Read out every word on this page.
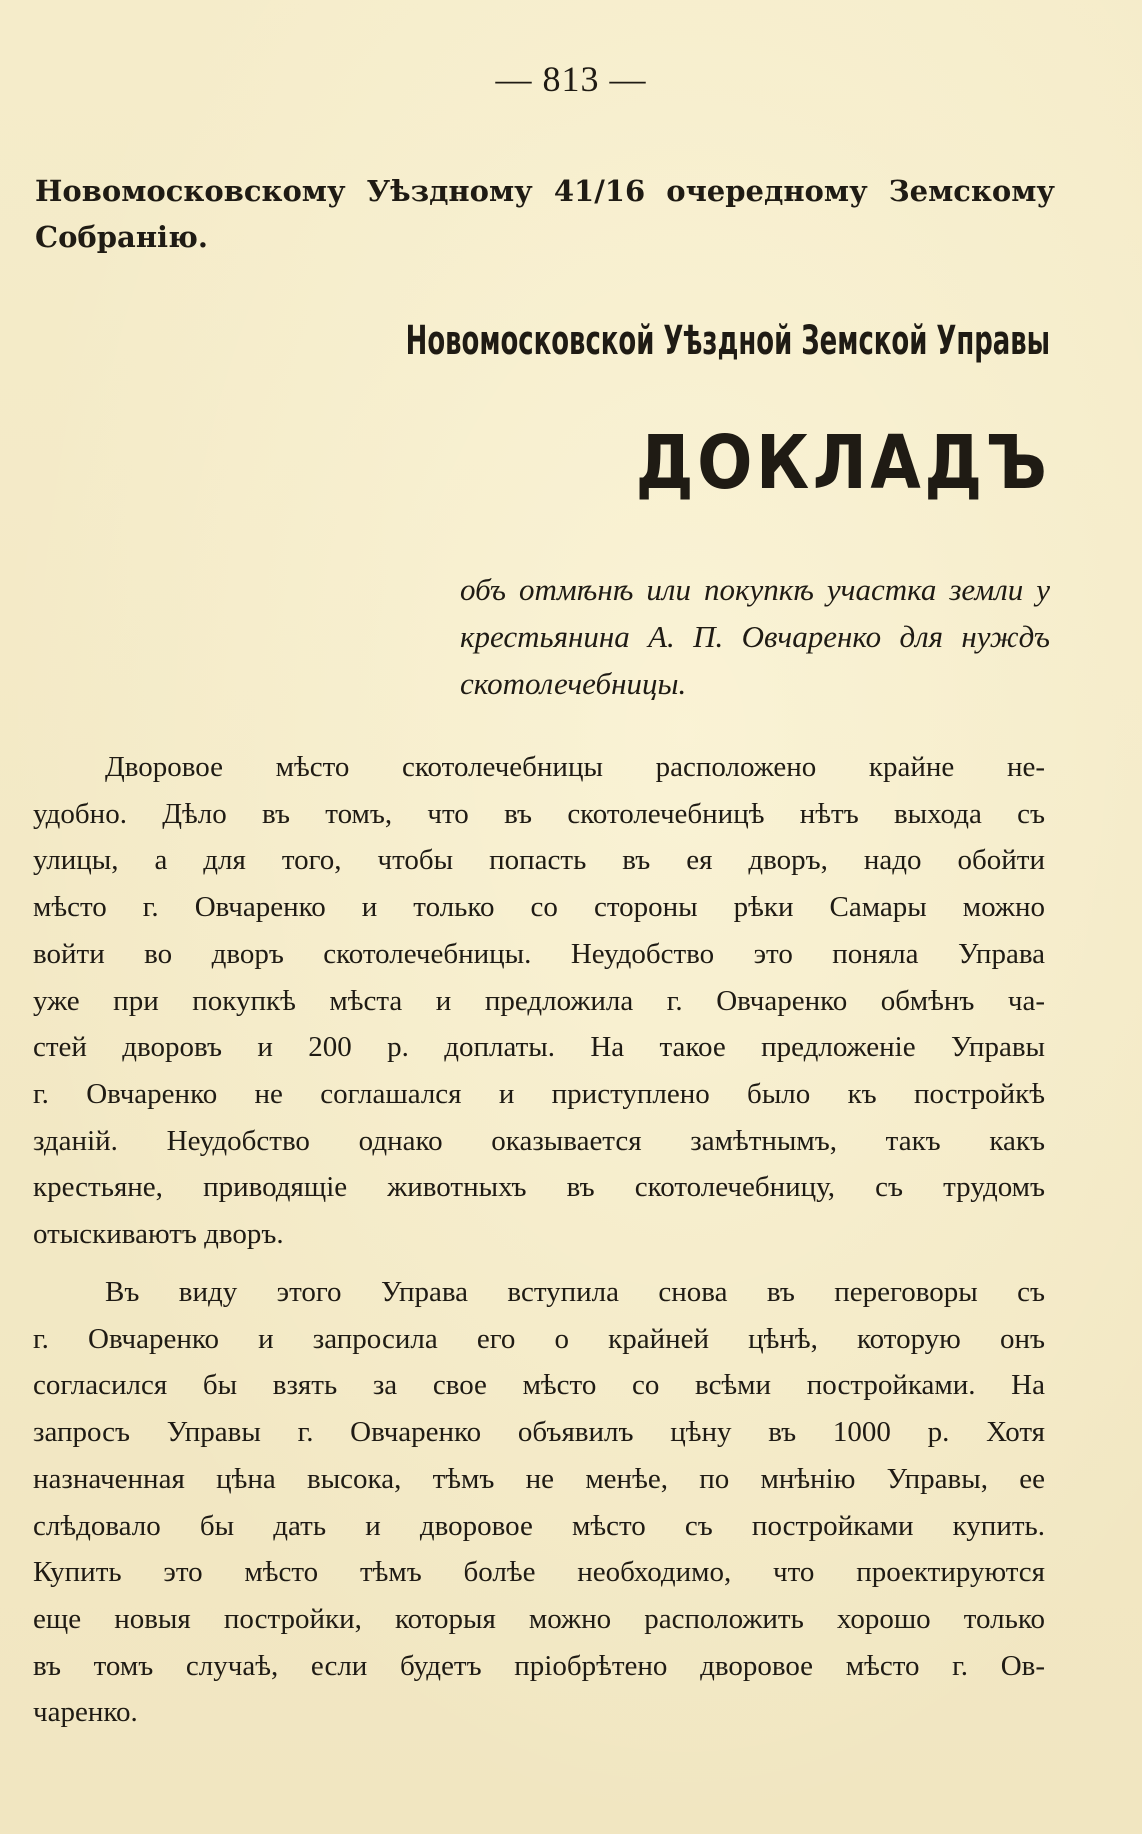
— 813 —
Новомосковскому Уѣздному 41/16 очередному Земскому Собранію.
Новомосковской Уѣздной Земской Управы
ДОКЛАДЪ
объ отмѣнѣ или покупкѣ участка земли у крестьянина А. П. Овчаренко для нуждъ скотолечебницы.
Дворовое мѣсто скотолечебницы расположено крайне не-
удобно. Дѣло въ томъ, что въ скотолечебницѣ нѣтъ выхода съ
улицы, а для того, чтобы попасть въ ея дворъ, надо обойти
мѣсто г. Овчаренко и только со стороны рѣки Самары можно
войти во дворъ скотолечебницы. Неудобство это поняла Управа
уже при покупкѣ мѣста и предложила г. Овчаренко обмѣнъ ча-
стей дворовъ и 200 р. доплаты. На такое предложеніе Управы
г. Овчаренко не соглашался и приступлено было къ постройкѣ
зданій. Неудобство однако оказывается замѣтнымъ, такъ какъ
крестьяне, приводящіе животныхъ въ скотолечебницу, съ трудомъ
отыскиваютъ дворъ.
Въ виду этого Управа вступила снова въ переговоры съ
г. Овчаренко и запросила его о крайней цѣнѣ, которую онъ
согласился бы взять за свое мѣсто со всѣми постройками. На
запросъ Управы г. Овчаренко объявилъ цѣну въ 1000 р. Хотя
назначенная цѣна высока, тѣмъ не менѣе, по мнѣнію Управы, ее
слѣдовало бы дать и дворовое мѣсто съ постройками купить.
Купить это мѣсто тѣмъ болѣе необходимо, что проектируются
еще новыя постройки, которыя можно расположить хорошо только
въ томъ случаѣ, если будетъ пріобрѣтено дворовое мѣсто г. Ов-
чаренко.
